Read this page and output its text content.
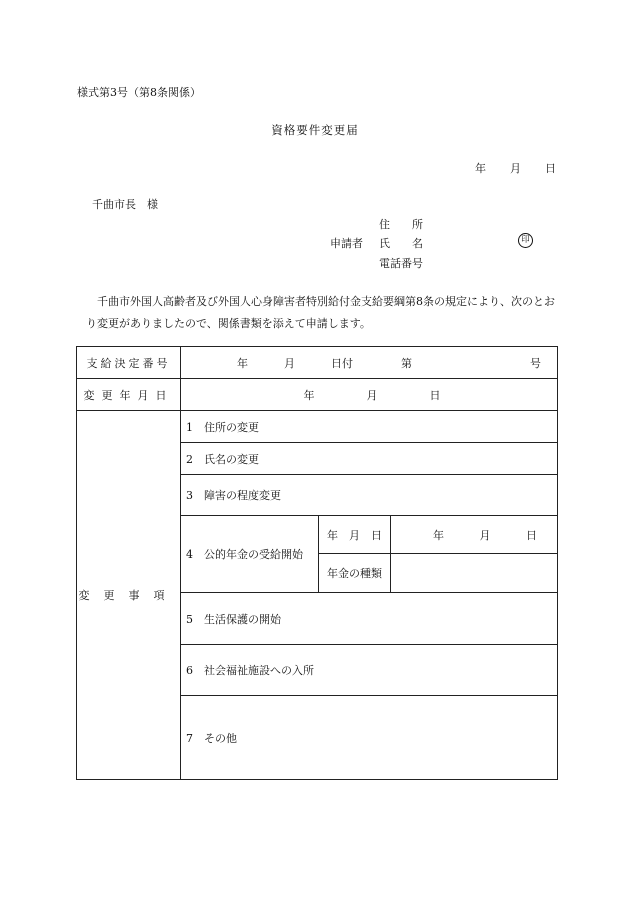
様式第3号（第8条関係）
資格要件変更届
年 月 日
千曲市長　様
住　　所
申請者 氏　　名	印
電話番号
千曲市外国人高齢者及び外国人心身障害者特別給付金支給要綱第8条の規定により、次のとおり変更がありましたので、関係書類を添えて申請します。
支給決定番号	年 月 日付 第 号		

変更年月日	年 月 日		

変更事項	1　住所の変更		
	2　氏名の変更		
	3　障害の程度変更		
	4　公的年金の受給開始	年　月　日	年 月 日

		年金の種類	
	5　生活保護の開始		
	6　社会福祉施設への入所		
	7　その他		
